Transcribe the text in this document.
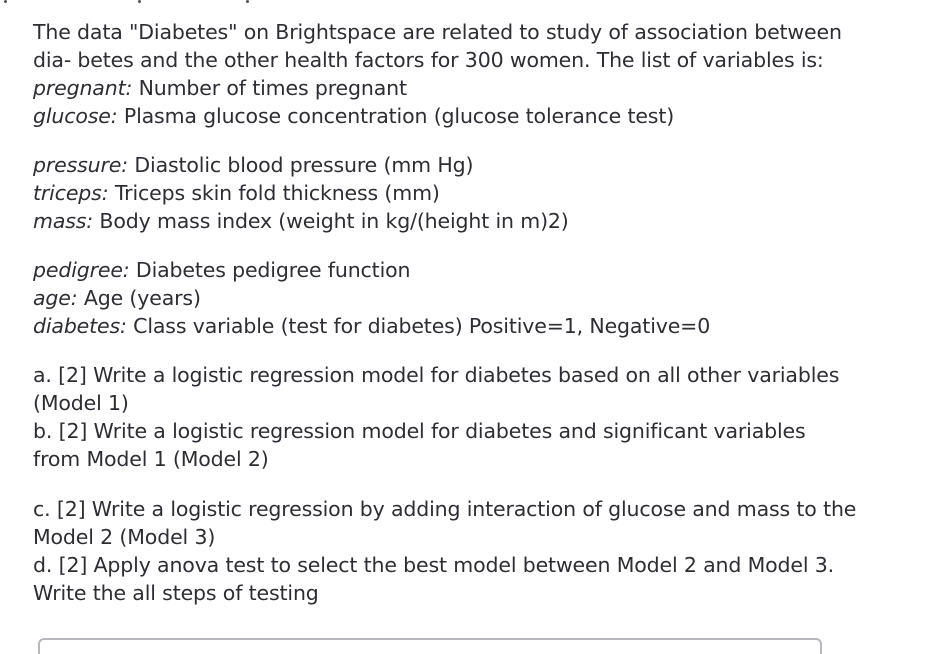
The data "Diabetes" on Brightspace are related to study of association between
dia- betes and the other health factors for 300 women. The list of variables is:
pregnant: Number of times pregnant
glucose: Plasma glucose concentration (glucose tolerance test)
pressure: Diastolic blood pressure (mm Hg)
triceps: Triceps skin fold thickness (mm)
mass: Body mass index (weight in kg/(height in m)2)
pedigree: Diabetes pedigree function
age: Age (years)
diabetes: Class variable (test for diabetes) Positive=1, Negative=0
a. [2] Write a logistic regression model for diabetes based on all other variables
(Model 1)
b. [2] Write a logistic regression model for diabetes and significant variables
from Model 1 (Model 2)
c. [2] Write a logistic regression by adding interaction of glucose and mass to the
Model 2 (Model 3)
d. [2] Apply anova test to select the best model between Model 2 and Model 3.
Write the all steps of testing
